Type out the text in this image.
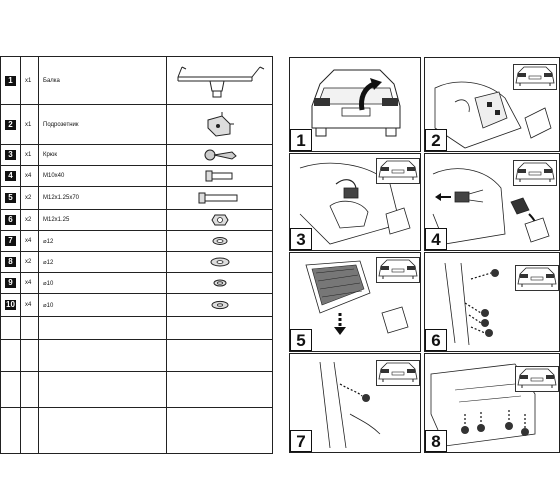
1	x1	Балка	

2	x1	Подрозетник	

3	x1	Крюк	

4	x4	M10x40	

5	x2	M12x1.25x70	

6	x2	M12x1.25	

7	x4	⌀12	

8	x2	⌀12	

9	x4	⌀10	

10	x4	⌀10	

1	2
3	4
5	6
7	8
